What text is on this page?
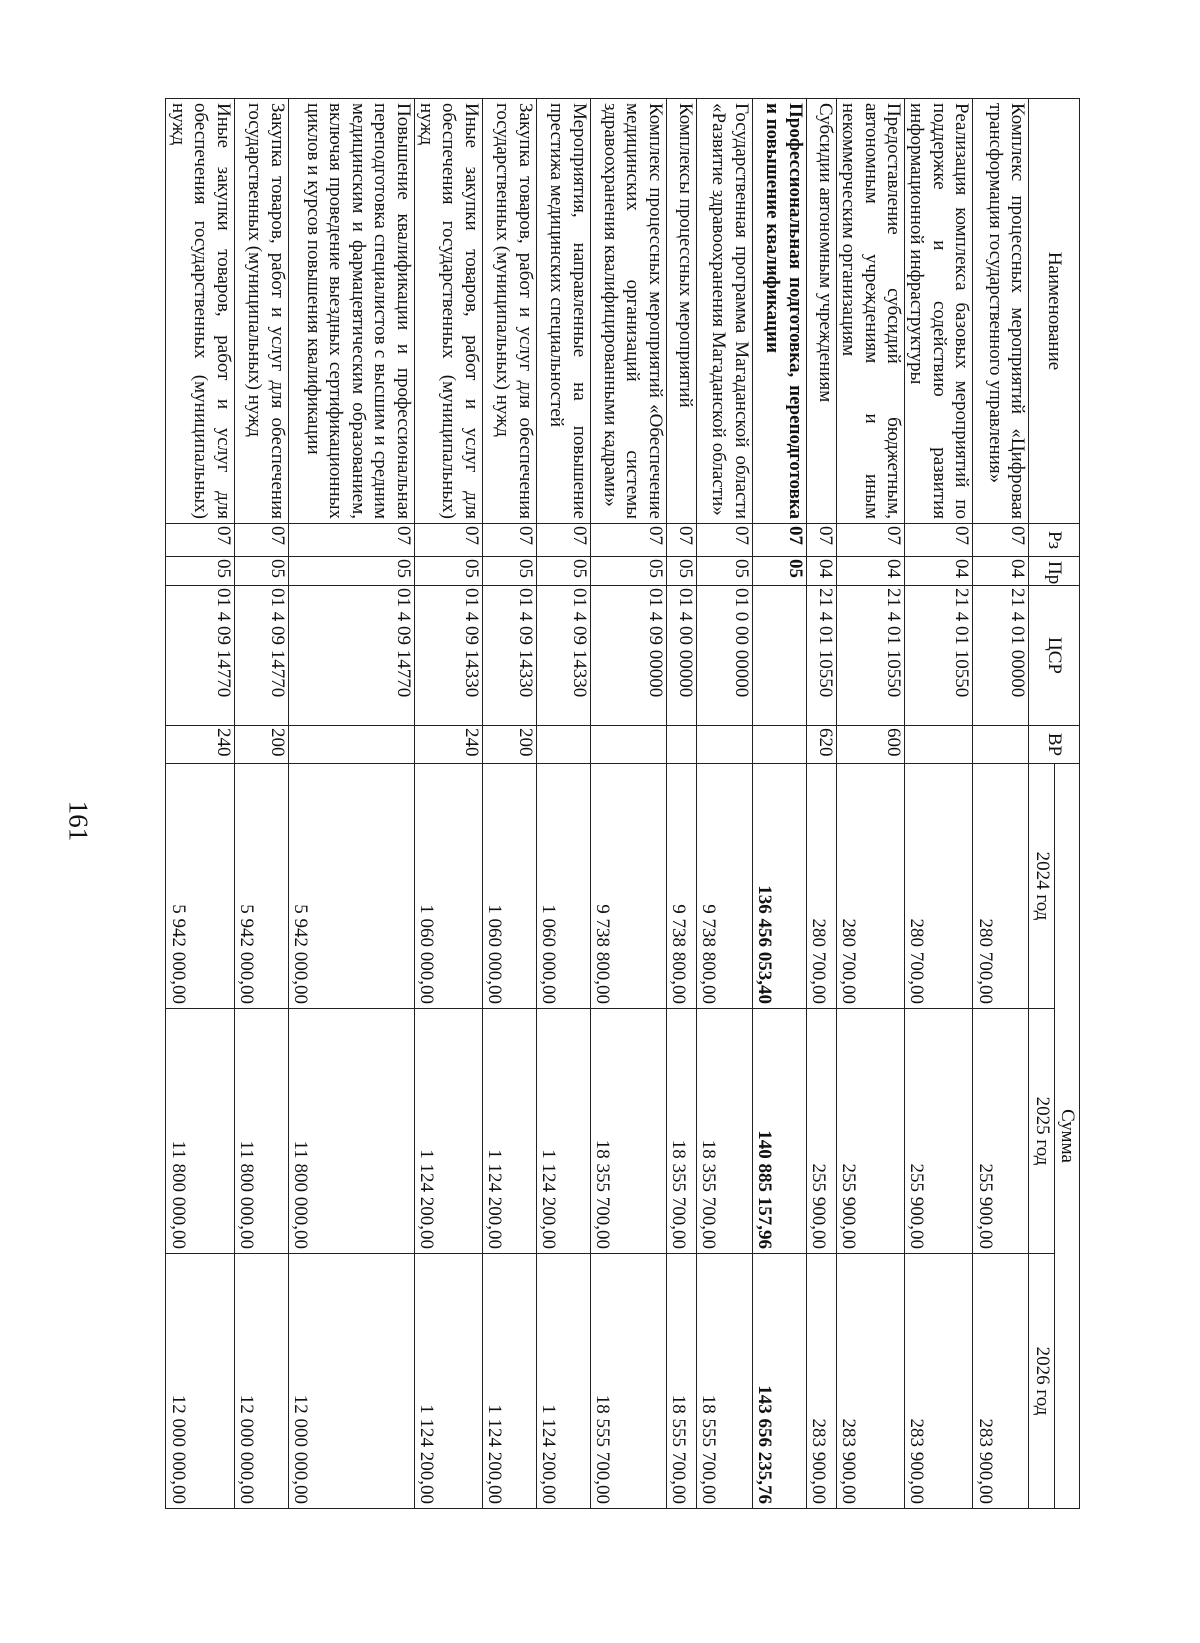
161
Наименование	Рз	Пр	ЦСР	ВР	Сумма		
					2024 год	2025 год	2026 год
Комплекс процессных мероприятий «Цифровая трансформация государственного управления»	07	04	21 4 01 00000		280 700,00	255 900,00	283 900,00
Реализация комплекса базовых мероприятий по поддержке и содействию развития информационной инфраструктуры	07	04	21 4 01 10550		280 700,00	255 900,00	283 900,00
Предоставление субсидий бюджетным, автономным учреждениям и иным некоммерческим организациям	07	04	21 4 01 10550	600	280 700,00	255 900,00	283 900,00
Субсидии автономным учреждениям	07	04	21 4 01 10550	620	280 700,00	255 900,00	283 900,00
Профессиональная подготовка, переподготовка и повышение квалификации	07	05			136 456 053,40	140 885 157,96	143 656 235,76
Государственная программа Магаданской области «Развитие здравоохранения Магаданской области»	07	05	01 0 00 00000		9 738 800,00	18 355 700,00	18 555 700,00
Комплексы процессных мероприятий	07	05	01 4 00 00000		9 738 800,00	18 355 700,00	18 555 700,00
Комплекс процессных мероприятий «Обеспечение медицинских организаций системы здравоохранения квалифицированными кадрами»	07	05	01 4 09 00000		9 738 800,00	18 355 700,00	18 555 700,00
Мероприятия, направленные на повышение престижа медицинских специальностей	07	05	01 4 09 14330		1 060 000,00	1 124 200,00	1 124 200,00
Закупка товаров, работ и услуг для обеспечения государственных (муниципальных) нужд	07	05	01 4 09 14330	200	1 060 000,00	1 124 200,00	1 124 200,00
Иные закупки товаров, работ и услуг для обеспечения государственных (муниципальных) нужд	07	05	01 4 09 14330	240	1 060 000,00	1 124 200,00	1 124 200,00
Повышение квалификации и профессиональная переподготовка специалистов с высшим и средним медицинским и фармацевтическим образованием, включая проведение выездных сертификационных циклов и курсов повышения квалификации	07	05	01 4 09 14770		5 942 000,00	11 800 000,00	12 000 000,00
Закупка товаров, работ и услуг для обеспечения государственных (муниципальных) нужд	07	05	01 4 09 14770	200	5 942 000,00	11 800 000,00	12 000 000,00
Иные закупки товаров, работ и услуг для обеспечения государственных (муниципальных) нужд	07	05	01 4 09 14770	240	5 942 000,00	11 800 000,00	12 000 000,00
